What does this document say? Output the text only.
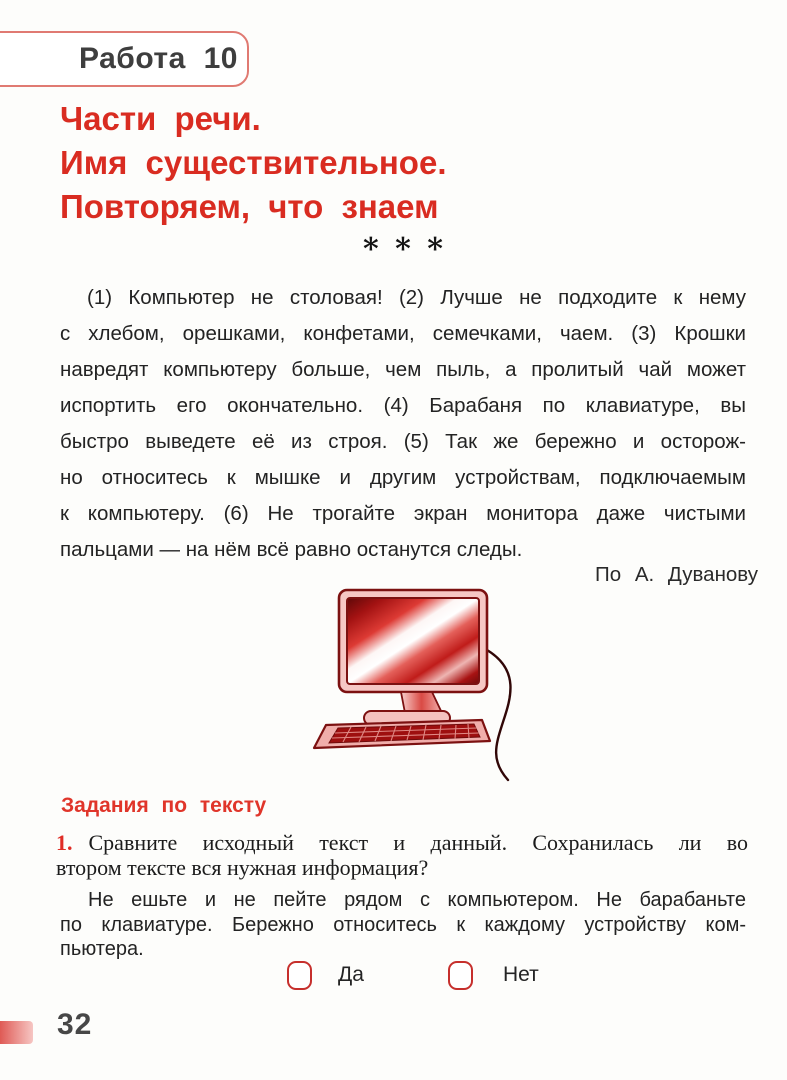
Работа 10
Части речи.
Имя существительное.
Повторяем, что знаем
* * *
(1) Компьютер не столовая! (2) Лучше не подходите к нему
с хлебом, орешками, конфетами, семечками, чаем. (3) Крошки
навредят компьютеру больше, чем пыль, а пролитый чай может
испортить его окончательно. (4) Барабаня по клавиатуре, вы
быстро выведете её из строя. (5) Так же бережно и осторож-
но относитесь к мышке и другим устройствам, подключаемым
к компьютеру. (6) Не трогайте экран монитора даже чистыми
пальцами — на нём всё равно останутся следы.
По А. Дуванову
Задания по тексту
1. Сравните исходный текст и данный. Сохранилась ли во
втором тексте вся нужная информация?
Не ешьте и не пейте рядом с компьютером. Не барабаньте
по клавиатуре. Бережно относитесь к каждому устройству ком-
пьютера.
Да	Нет
32
